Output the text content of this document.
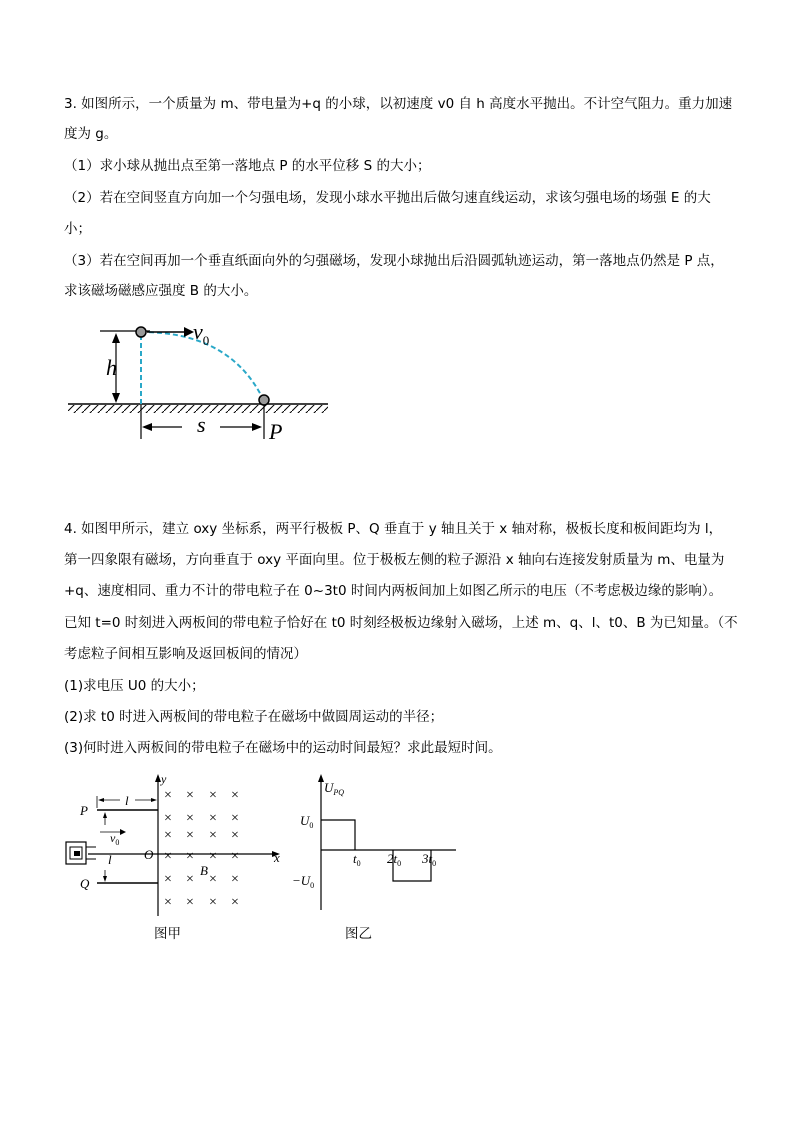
3. 如图所示，一个质量为 m、带电量为+q 的小球，以初速度 v0 自 h 高度水平抛出。不计空气阻力。重力加速
度为 g。
（1）求小球从抛出点至第一落地点 P 的水平位移 S 的大小；
（2）若在空间竖直方向加一个匀强电场，发现小球水平抛出后做匀速直线运动，求该匀强电场的场强 E 的大
小；
（3）若在空间再加一个垂直纸面向外的匀强磁场，发现小球抛出后沿圆弧轨迹运动，第一落地点仍然是 P 点，
求该磁场磁感应强度 B 的大小。
h
$v_0$
s	P
4. 如图甲所示，建立 oxy 坐标系，两平行极板 P、Q 垂直于 y 轴且关于 x 轴对称，极板长度和板间距均为 l，
第一四象限有磁场，方向垂直于 oxy 平面向里。位于极板左侧的粒子源沿 x 轴向右连接发射质量为 m、电量为
+q、速度相同、重力不计的带电粒子在 0~3t0 时间内两板间加上如图乙所示的电压（不考虑极边缘的影响）。
已知 t=0 时刻进入两板间的带电粒子恰好在 t0 时刻经极板边缘射入磁场，上述 m、q、l、t0、B 为已知量。（不
考虑粒子间相互影响及返回板间的情况）
(1)求电压 U0 的大小；
(2)求 t0 时进入两板间的带电粒子在磁场中做圆周运动的半径；
(3)何时进入两板间的带电粒子在磁场中的运动时间最短？求此最短时间。
y
x
O
P
Q
l
l
$v_0$
× × × ×
× × × ×
× × × ×
× × × ×
× × × ×
× × × ×
B
图甲
$U_{PQ}$
$U_0$
$-U_0$
$t_0$ $2t_0$ $3t_0$
图乙
